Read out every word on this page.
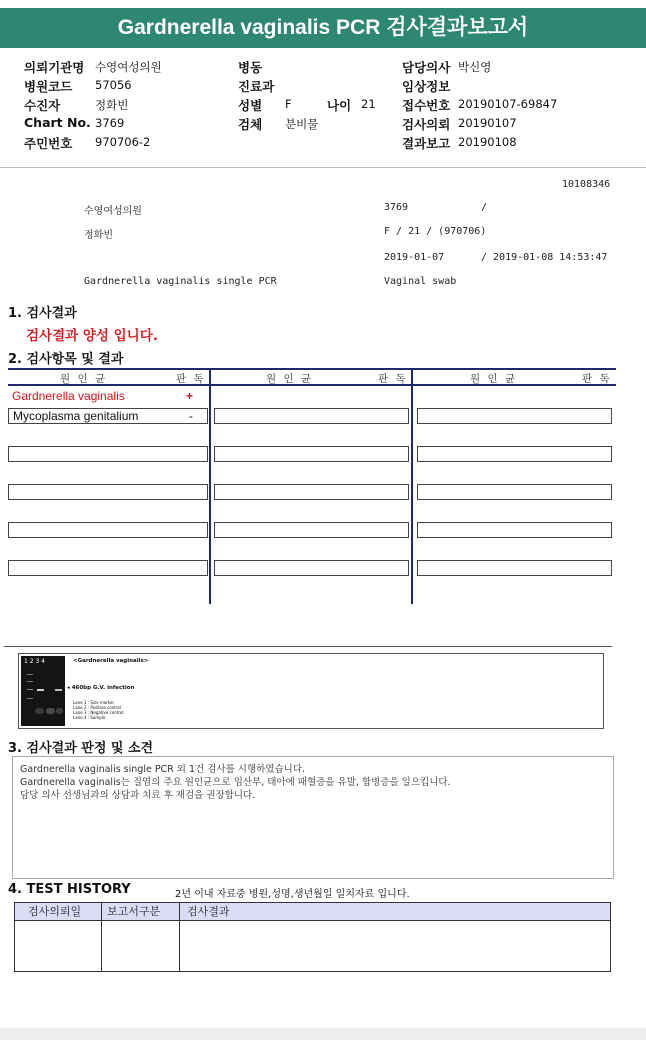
Gardnerella vaginalis PCR 검사결과보고서
의뢰기관명 수영여성의원	병동	담당의사 박신영
병원코드 57056	진료과	임상정보
수진자	정화빈	성별 F	나이 21 접수번호 20190107-69847
Chart No. 3769	검체 분비물	검사의뢰 20190107
주민번호 970706-2	결과보고 20190108
10108346
수영여성의원	3769	/
정화빈	F / 21 / (970706)
2019-01-07	/ 2019-01-08 14:53:47
Gardnerella vaginalis single PCR	Vaginal swab
1. 검사결과
검사결과 양성 입니다.
2. 검사항목 및 결과
원 인 균	판 독	원 인 균	판 독	원 인 균	판 독
Gardnerella vaginalis	+
Mycoplasma genitalium	-
1 2 3 4	<Gardnerella vaginalis>
◂ 460bp G.V. infection
Lane 1 : Size marker
Lane 2 : Positive control
Lane 3 : Negative control
Lane 4 : Sample
3. 검사결과 판정 및 소견
Gardnerella vaginalis single PCR 외 1건 검사를 시행하였습니다.
Gardnerella vaginalis는 질염의 주요 원인균으로 임산부, 태아에 패혈증을 유발, 합병증을 일으킵니다.
담당 의사 선생님과의 상담과 치료 후 재검을 권장합니다.
4. TEST HISTORY	2년 이내 자료중 병원,성명,생년월일 일치자료 입니다.
검사의뢰일 보고서구분 검사결과
